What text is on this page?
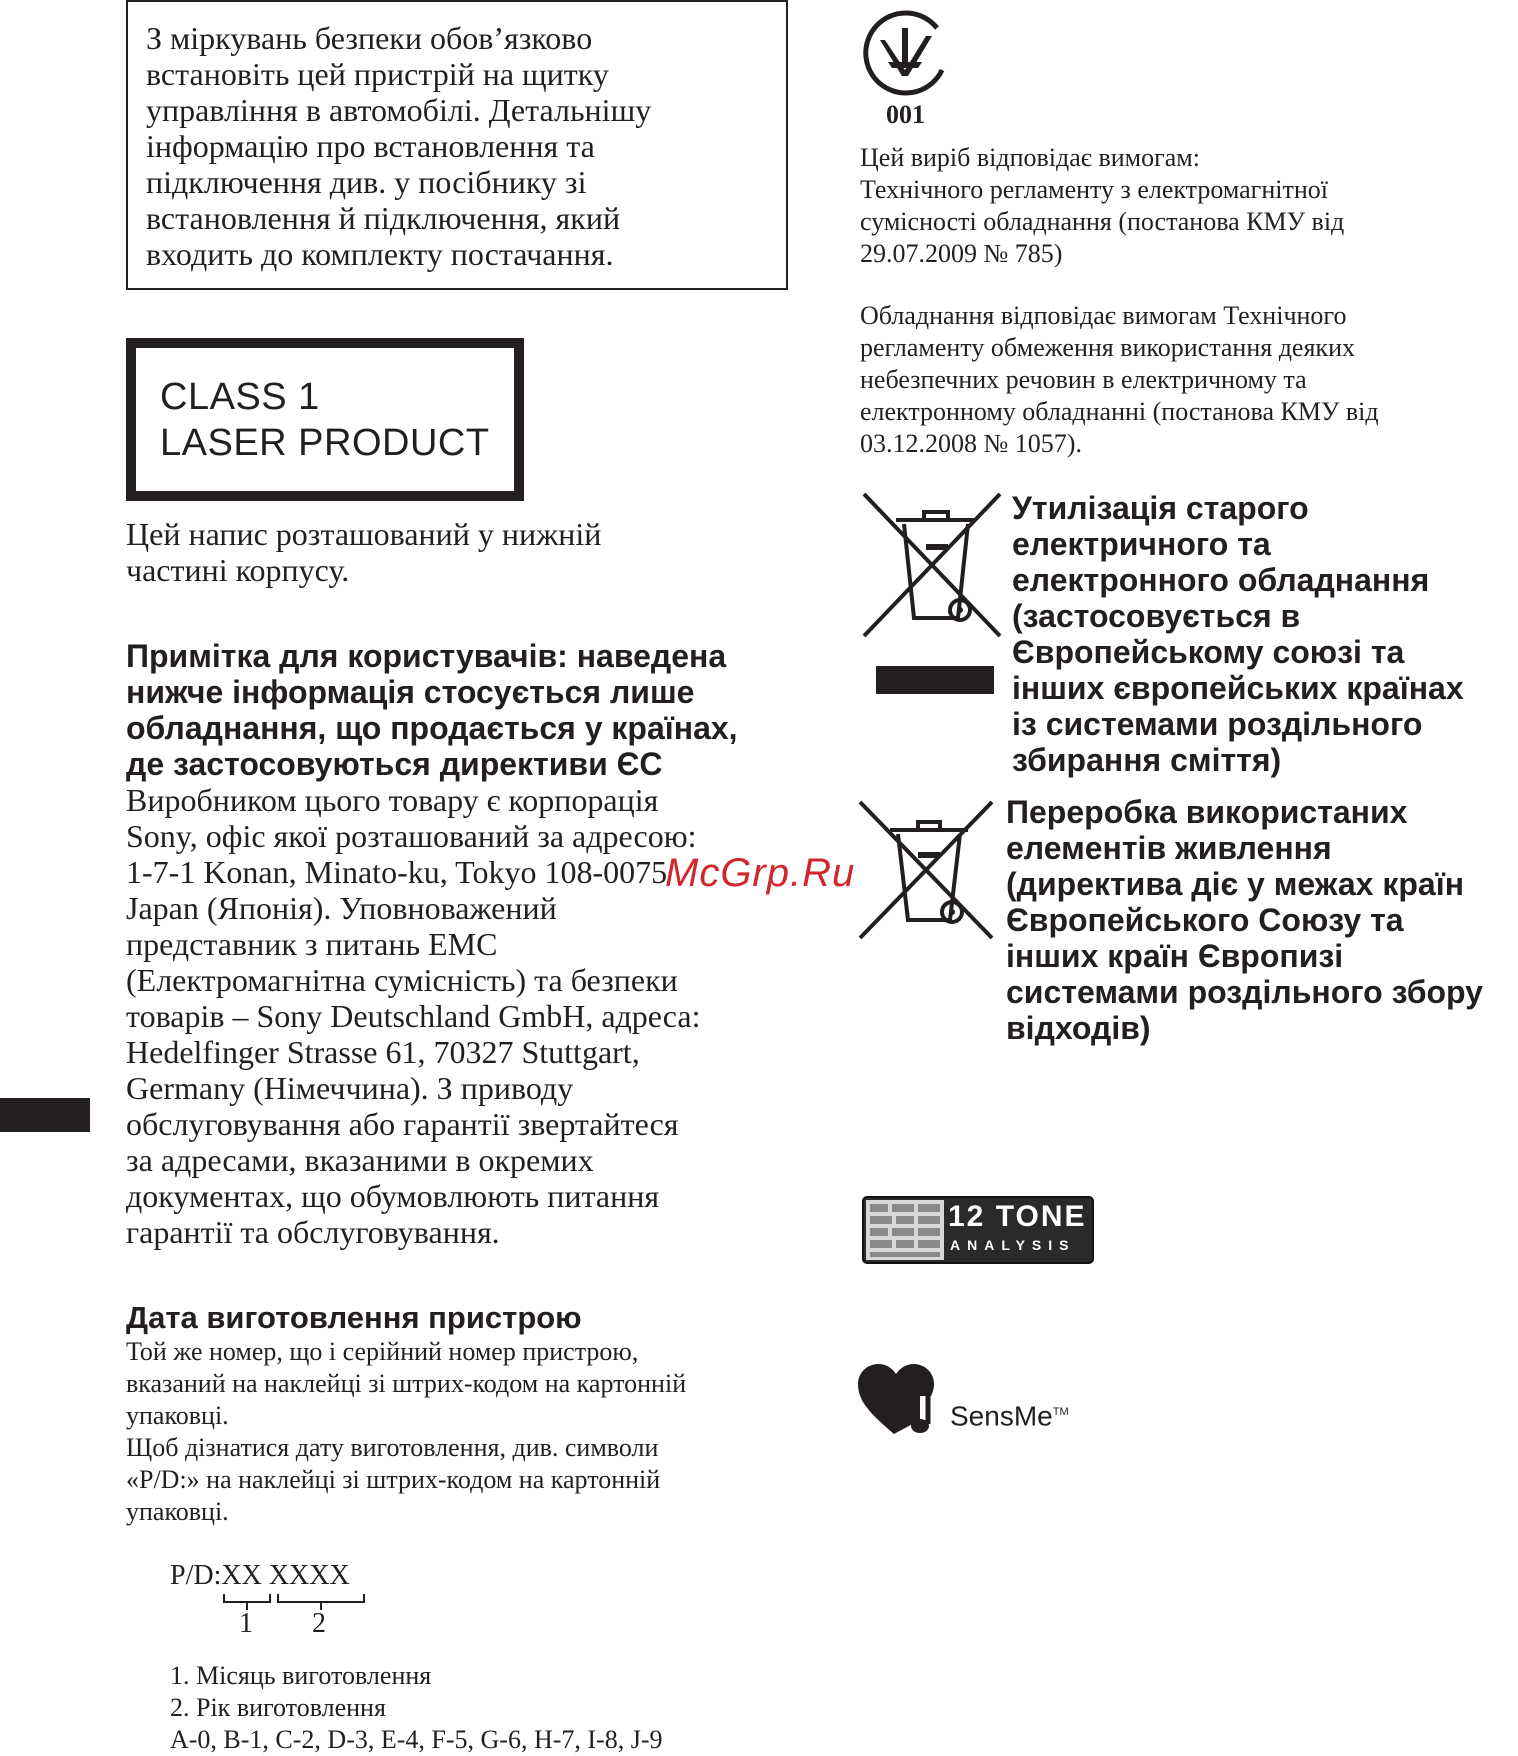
З міркувань безпеки обов’язково
встановіть цей пристрій на щитку
управління в автомобілі. Детальнішу
інформацію про встановлення та
підключення див. у посібнику зі
встановлення й підключення, який
входить до комплекту постачання.
CLASS 1
LASER PRODUCT
Цей напис розташований у нижній
частині корпусу.
Примітка для користувачів: наведена
нижче інформація стосується лише
обладнання, що продається у країнах,
де застосовуються директиви ЄС
Виробником цього товару є корпорація
Sony, офіс якої розташований за адресою:
1-7-1 Konan, Minato-ku, Tokyo 108-0075
Japan (Японія). Уповноважений
представник з питань EMC
(Електромагнітна сумісність) та безпеки
товарів – Sony Deutschland GmbH, адреса:
Hedelfinger Strasse 61, 70327 Stuttgart,
Germany (Німеччина). З приводу
обслуговування або гарантії звертайтеся
за адресами, вказаними в окремих
документах, що обумовлюють питання
гарантії та обслуговування.
McGrp.Ru
Дата виготовлення пристрою
Той же номер, що і серійний номер пристрою,
вказаний на наклейці зі штрих-кодом на картонній
упаковці.
Щоб дізнатися дату виготовлення, див. символи
«P/D:» на наклейці зі штрих-кодом на картонній
упаковці.
P/D:XX XXXX
1 2
1. Місяць виготовлення
2. Рік виготовлення
A-0, B-1, C-2, D-3, E-4, F-5, G-6, H-7, I-8, J-9
001
Цей виріб відповідає вимогам:
Технічного регламенту з електромагнітної
сумісності обладнання (постанова КМУ від
29.07.2009 № 785)
Обладнання відповідає вимогам Технічного
регламенту обмеження використання деяких
небезпечних речовин в електричному та
електронному обладнанні (постанова КМУ від
03.12.2008 № 1057).
Утилізація старого
електричного та
електронного обладнання
(застосовується в
Європейському союзі та
інших європейських країнах
із системами роздільного
збирання сміття)
Переробка використаних
елементів живлення
(директива діє у межах країн
Європейського Союзу та
інших країн Європизі
системами роздільного збору
відходів)
12 TONE
ANALYSIS
SensMe™
